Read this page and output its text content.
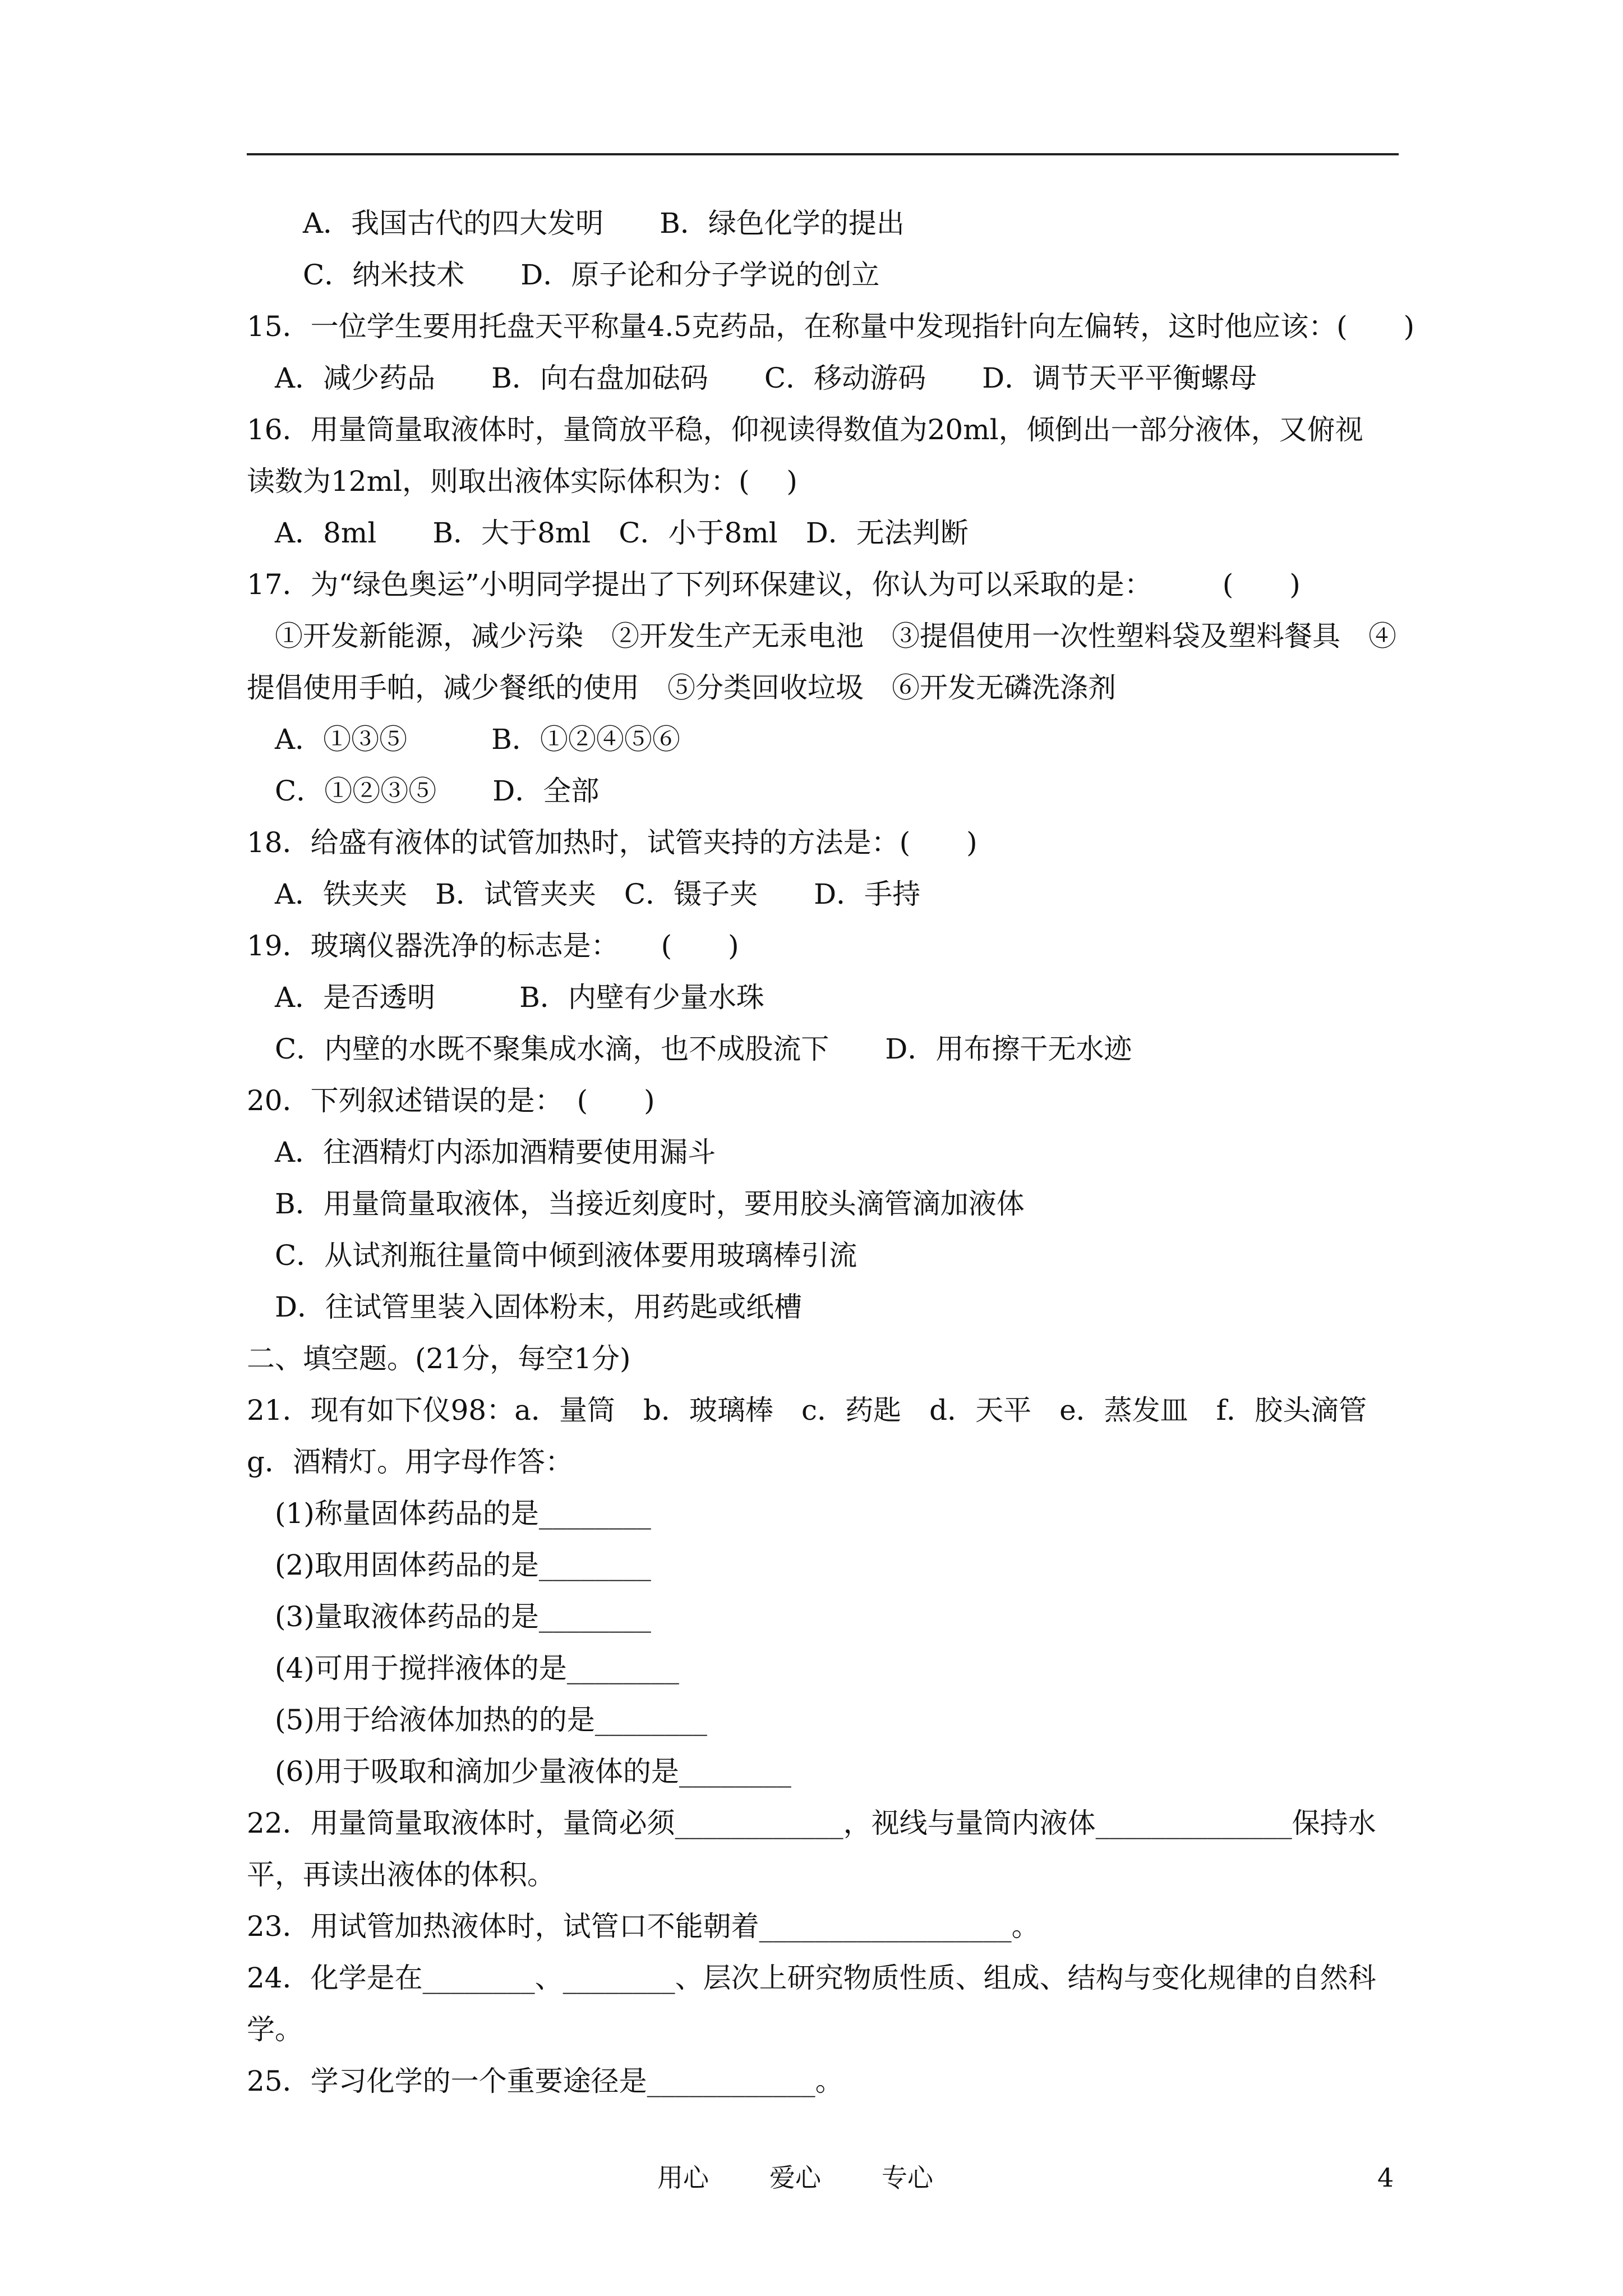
A．我国古代的四大发明　　B．绿色化学的提出
C．纳米技术　　D．原子论和分子学说的创立
15．一位学生要用托盘天平称量4.5克药品，在称量中发现指针向左偏转，这时他应该：(　　)
A．减少药品　　B．向右盘加砝码　　C．移动游码　　D．调节天平平衡螺母
16．用量筒量取液体时，量筒放平稳，仰视读得数值为20ml，倾倒出一部分液体，又俯视
读数为12ml，则取出液体实际体积为：(　 )
A．8ml　　B．大于8ml　C．小于8ml　D．无法判断
17．为“绿色奥运”小明同学提出了下列环保建议，你认为可以采取的是：　　　(　　)
①开发新能源，减少污染　②开发生产无汞电池　③提倡使用一次性塑料袋及塑料餐具　④
提倡使用手帕，减少餐纸的使用　⑤分类回收垃圾　⑥开发无磷洗涤剂
A．①③⑤　　　B．①②④⑤⑥
C．①②③⑤　　D．全部
18．给盛有液体的试管加热时，试管夹持的方法是：(　　)
A．铁夹夹　B．试管夹夹　C．镊子夹　　D．手持
19．玻璃仪器洗净的标志是：　　(　　)
A．是否透明　　　B．内壁有少量水珠
C．内壁的水既不聚集成水滴，也不成股流下　　D．用布擦干无水迹
20．下列叙述错误的是：　(　　)
A．往酒精灯内添加酒精要使用漏斗
B．用量筒量取液体，当接近刻度时，要用胶头滴管滴加液体
C．从试剂瓶往量筒中倾到液体要用玻璃棒引流
D．往试管里装入固体粉末，用药匙或纸槽
二、填空题。(21分，每空1分)
21．现有如下仪98：a．量筒　b．玻璃棒　c．药匙　d．天平　e．蒸发皿　f．胶头滴管
g．酒精灯。用字母作答：
(1)称量固体药品的是________
(2)取用固体药品的是________
(3)量取液体药品的是________
(4)可用于搅拌液体的是________
(5)用于给液体加热的的是________
(6)用于吸取和滴加少量液体的是________
22．用量筒量取液体时，量筒必须____________，视线与量筒内液体______________保持水
平，再读出液体的体积。
23．用试管加热液体时，试管口不能朝着__________________。
24．化学是在________、________、层次上研究物质性质、组成、结构与变化规律的自然科
学。
25．学习化学的一个重要途径是____________。
用心 爱心 专心	4
